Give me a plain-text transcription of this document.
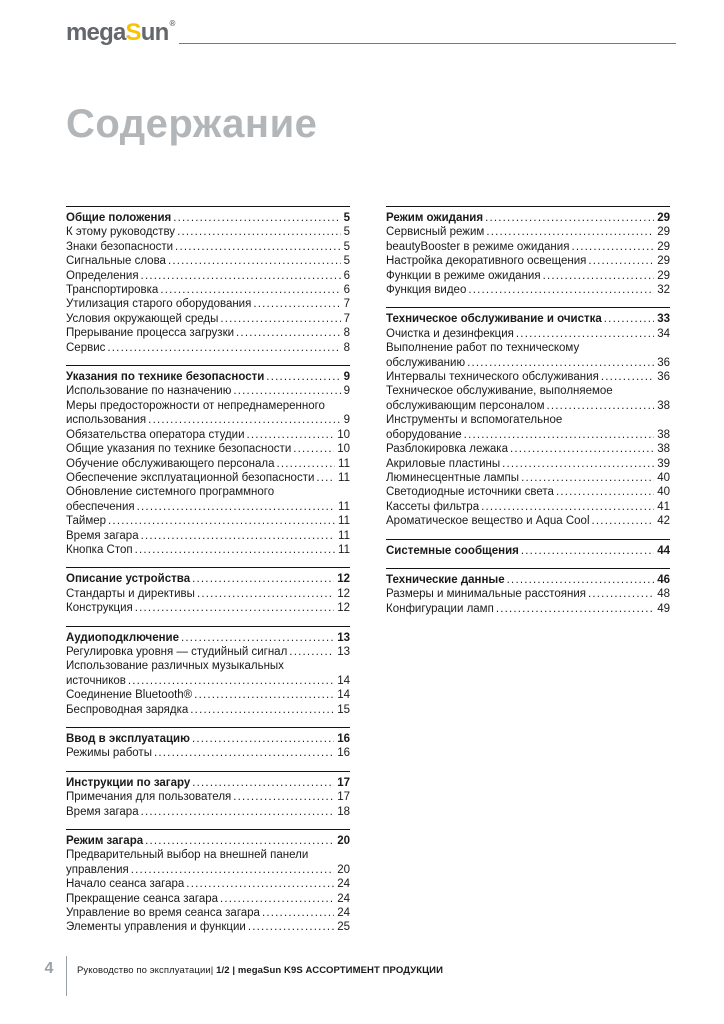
megaSun®
Содержание
Общие положения .....	5
К этому руководству .....	5
Знаки безопасности .....	5
Сигнальные слова .....	5
Определения .....	6
Транспортировка .....	6
Утилизация старого оборудования .....	7
Условия окружающей среды .....	7
Прерывание процесса загрузки .....	8
Сервис .....	8
Указания по технике безопасности .....	9
Использование по назначению .....	9
Меры предосторожности от непреднамеренного
использования .....	9
Обязательства оператора студии .....	10
Общие указания по технике безопасности .....	10
Обучение обслуживающего персонала .....	11
Обеспечение эксплуатационной безопасности ..... 11
Обновление системного программного
обеспечения .....	11
Таймер .....	11
Время загара .....	11
Кнопка Стоп .....	11
Описание устройства .....	12
Стандарты и директивы .....	12
Конструкция .....	12
Аудиоподключение .....	13
Регулировка уровня — студийный сигнал .....	13
Использование различных музыкальных
источников .....	14
Соединение Bluetooth® .....	14
Беспроводная зарядка .....	15
Ввод в эксплуатацию .....	16
Режимы работы .....	16
Инструкции по загару .....	17
Примечания для пользователя .....	17
Время загара .....	18
Режим загара .....	20
Предварительный выбор на внешней панели
управления .....	20
Начало сеанса загара .....	24
Прекращение сеанса загара .....	24
Управление во время сеанса загара .....	24
Элементы управления и функции .....	25
Режим ожидания .....	29
Сервисный режим .....	29
beautyBooster в режиме ожидания .....	29
Настройка декоративного освещения .....	29
Функции в режиме ожидания .....	29
Функция видео .....	32
Техническое обслуживание и очистка .....	33
Очистка и дезинфекция .....	34
Выполнение работ по техническому
обслуживанию .....	36
Интервалы технического обслуживания .....	36
Техническое обслуживание, выполняемое
обслуживающим персоналом .....	38
Инструменты и вспомогательное
оборудование .....	38
Разблокировка лежака .....	38
Акриловые пластины .....	39
Люминесцентные лампы .....	40
Светодиодные источники света .....	40
Кассеты фильтра .....	41
Ароматическое вещество и Aqua Cool .....	42
Системные сообщения .....	44
Технические данные .....	46
Размеры и минимальные расстояния .....	48
Конфигурации ламп .....	49
4	Руководство по эксплуатации| 1/2 | megaSun K9S АССОРТИМЕНТ ПРОДУКЦИИ
